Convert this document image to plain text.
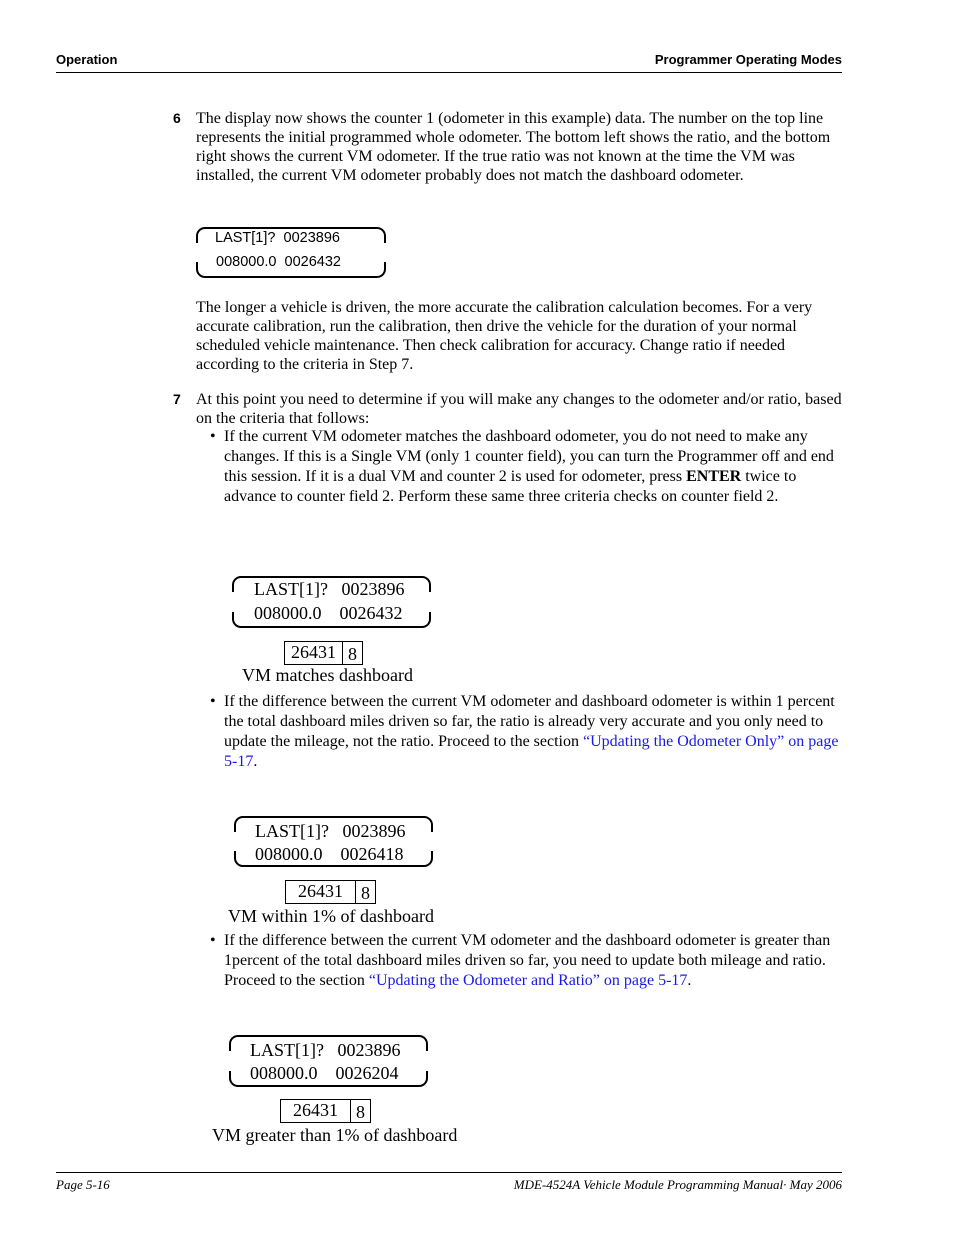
Operation	Programmer Operating Modes
6 The display now shows the counter 1 (odometer in this example) data. The number on the top line represents the initial programmed whole odometer. The bottom left shows the ratio, and the bottom right shows the current VM odometer. If the true ratio was not known at the time the VM was installed, the current VM odometer probably does not match the dashboard odometer.
LAST[1]?  0023896
008000.0  0026432
The longer a vehicle is driven, the more accurate the calibration calculation becomes. For a very accurate calibration, run the calibration, then drive the vehicle for the duration of your normal scheduled vehicle maintenance. Then check calibration for accuracy. Change ratio if needed according to the criteria in Step 7.
7 At this point you need to determine if you will make any changes to the odometer and/or ratio, based on the criteria that follows:
• If the current VM odometer matches the dashboard odometer, you do not need to make any changes. If this is a Single VM (only 1 counter field), you can turn the Programmer off and end this session. If it is a dual VM and counter 2 is used for odometer, press ENTER twice to advance to counter field 2. Perform these same three criteria checks on counter field 2.
LAST[1]?   0023896
008000.0    0026432
26431 8
VM matches dashboard
• If the difference between the current VM odometer and dashboard odometer is within 1 percent the total dashboard miles driven so far, the ratio is already very accurate and you only need to update the mileage, not the ratio. Proceed to the section “Updating the Odometer Only” on page 5-17.
LAST[1]?   0023896
008000.0    0026418
26431	8
VM within 1% of dashboard
• If the difference between the current VM odometer and the dashboard odometer is greater than 1percent of the total dashboard miles driven so far, you need to update both mileage and ratio. Proceed to the section “Updating the Odometer and Ratio” on page 5-17.
LAST[1]?   0023896
008000.0    0026204
26431	8
VM greater than 1% of dashboard
Page 5-16	MDE-4524A Vehicle Module Programming Manual· May 2006
